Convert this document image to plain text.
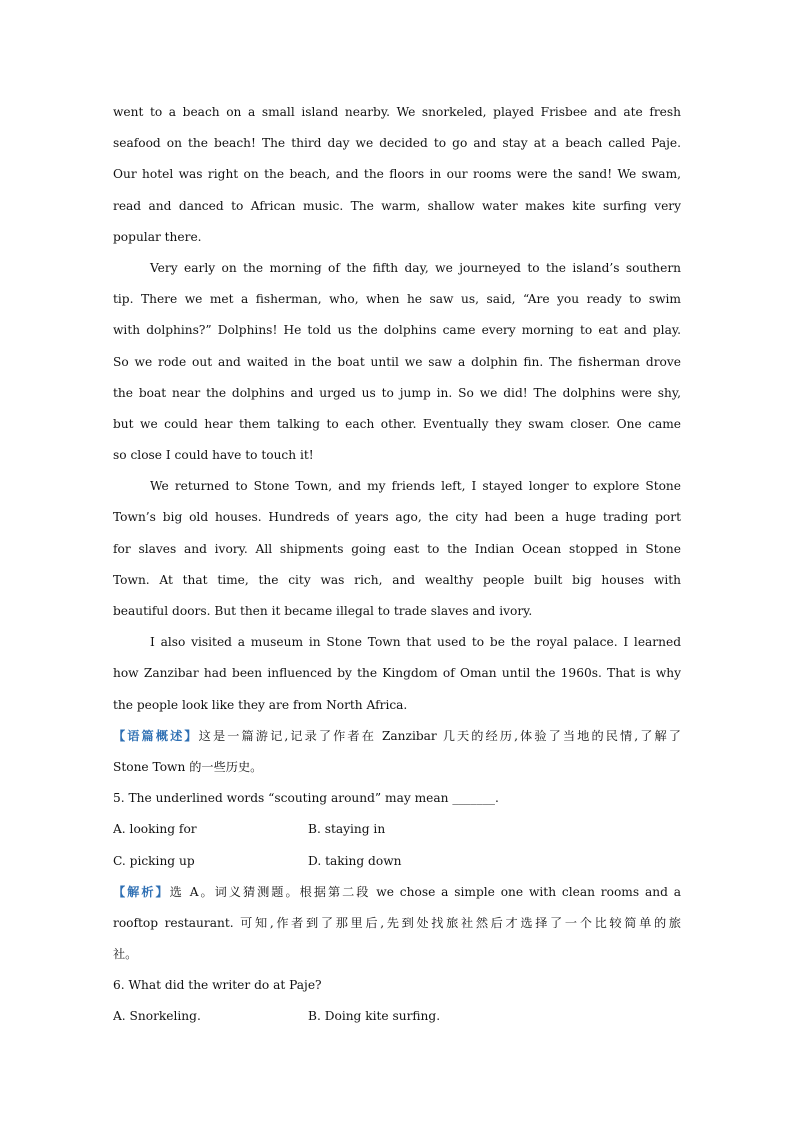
went to a beach on a small island nearby. We snorkeled, played Frisbee and ate fresh
seafood on the beach! The third day we decided to go and stay at a beach called Paje.
Our hotel was right on the beach, and the floors in our rooms were the sand! We swam,
read and danced to African music. The warm, shallow water makes kite surfing very
popular there.
Very early on the morning of the fifth day, we journeyed to the island’s southern
tip. There we met a fisherman, who, when he saw us, said, “Are you ready to swim
with dolphins?” Dolphins! He told us the dolphins came every morning to eat and play.
So we rode out and waited in the boat until we saw a dolphin fin. The fisherman drove
the boat near the dolphins and urged us to jump in. So we did! The dolphins were shy,
but we could hear them talking to each other. Eventually they swam closer. One came
so close I could have to touch it!
We returned to Stone Town, and my friends left, I stayed longer to explore Stone
Town’s big old houses. Hundreds of years ago, the city had been a huge trading port
for slaves and ivory. All shipments going east to the Indian Ocean stopped in Stone
Town. At that time, the city was rich, and wealthy people built big houses with
beautiful doors. But then it became illegal to trade slaves and ivory.
I also visited a museum in Stone Town that used to be the royal palace. I learned
how Zanzibar had been influenced by the Kingdom of Oman until the 1960s. That is why
the people look like they are from North Africa.
【语篇概述】这是一篇游记,记录了作者在 Zanzibar 几天的经历,体验了当地的民情,了解了
Stone Town 的一些历史。
5. The underlined words “scouting around” may mean _______.
A. looking for	B. staying in
C. picking up	D. taking down
【解析】选 A。词义猜测题。根据第二段 we chose a simple one with clean rooms and a
rooftop restaurant. 可知,作者到了那里后,先到处找旅社然后才选择了一个比较简单的旅
社。
6. What did the writer do at Paje?
A. Snorkeling.	B. Doing kite surfing.
